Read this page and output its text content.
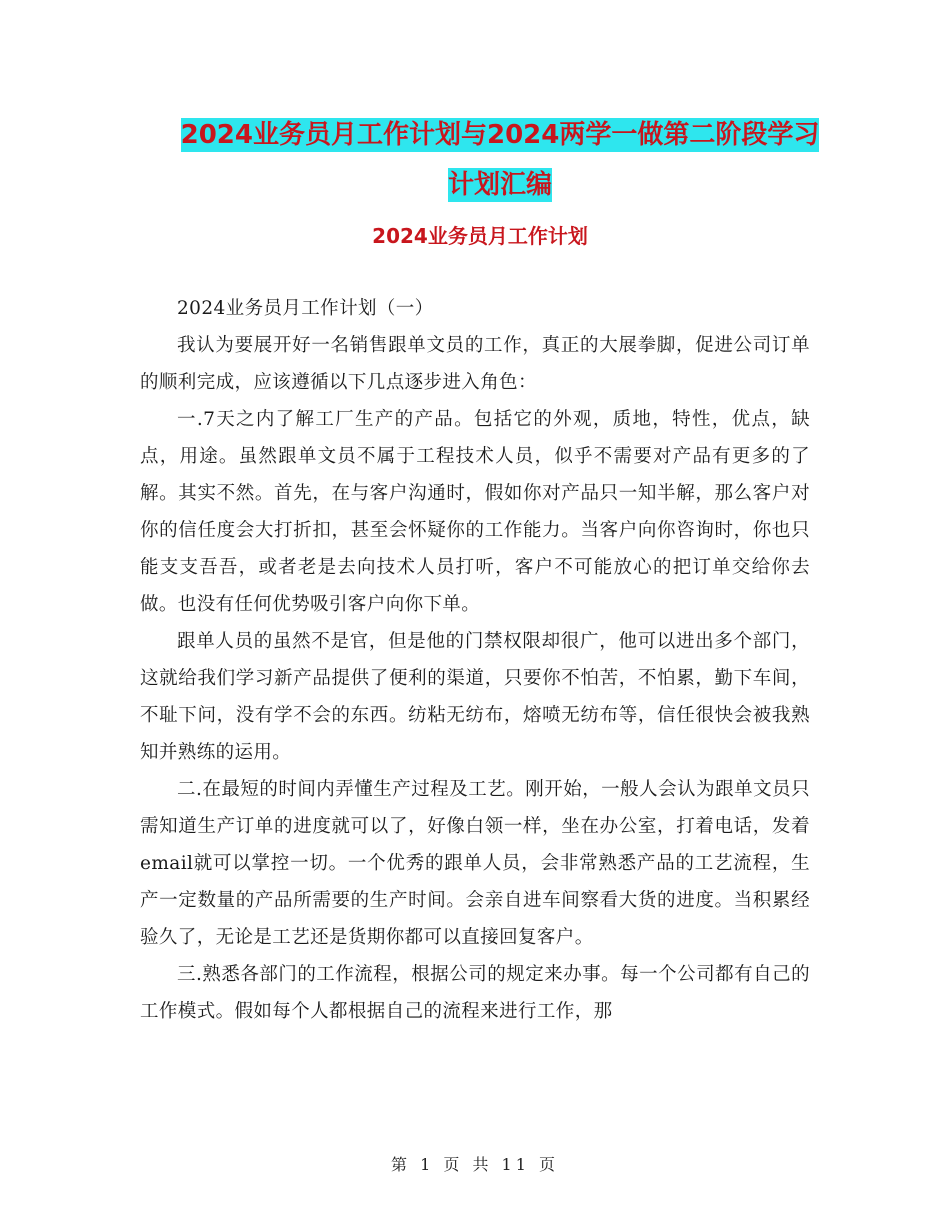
2024业务员月工作计划与2024两学一做第二阶段学习
计划汇编
2024业务员月工作计划

2024业务员月工作计划（一）

我认为要展开好一名销售跟单文员的工作，真正的大展拳脚，促进公司订单的顺利完成，应该遵循以下几点逐步进入角色：

一.7天之内了解工厂生产的产品。包括它的外观，质地，特性，优点，缺点，用途。虽然跟单文员不属于工程技术人员，似乎不需要对产品有更多的了解。其实不然。首先，在与客户沟通时，假如你对产品只一知半解，那么客户对你的信任度会大打折扣，甚至会怀疑你的工作能力。当客户向你咨询时，你也只能支支吾吾，或者老是去向技术人员打听，客户不可能放心的把订单交给你去做。也没有任何优势吸引客户向你下单。

跟单人员的虽然不是官，但是他的门禁权限却很广，他可以进出多个部门，这就给我们学习新产品提供了便利的渠道，只要你不怕苦，不怕累，勤下车间，不耻下问，没有学不会的东西。纺粘无纺布，熔喷无纺布等，信任很快会被我熟知并熟练的运用。

二.在最短的时间内弄懂生产过程及工艺。刚开始，一般人会认为跟单文员只需知道生产订单的进度就可以了，好像白领一样，坐在办公室，打着电话，发着email就可以掌控一切。一个优秀的跟单人员，会非常熟悉产品的工艺流程，生产一定数量的产品所需要的生产时间。会亲自进车间察看大货的进度。当积累经验久了，无论是工艺还是货期你都可以直接回复客户。

三.熟悉各部门的工作流程，根据公司的规定来办事。每一个公司都有自己的工作模式。假如每个人都根据自己的流程来进行工作，那

第 1 页 共 11 页
